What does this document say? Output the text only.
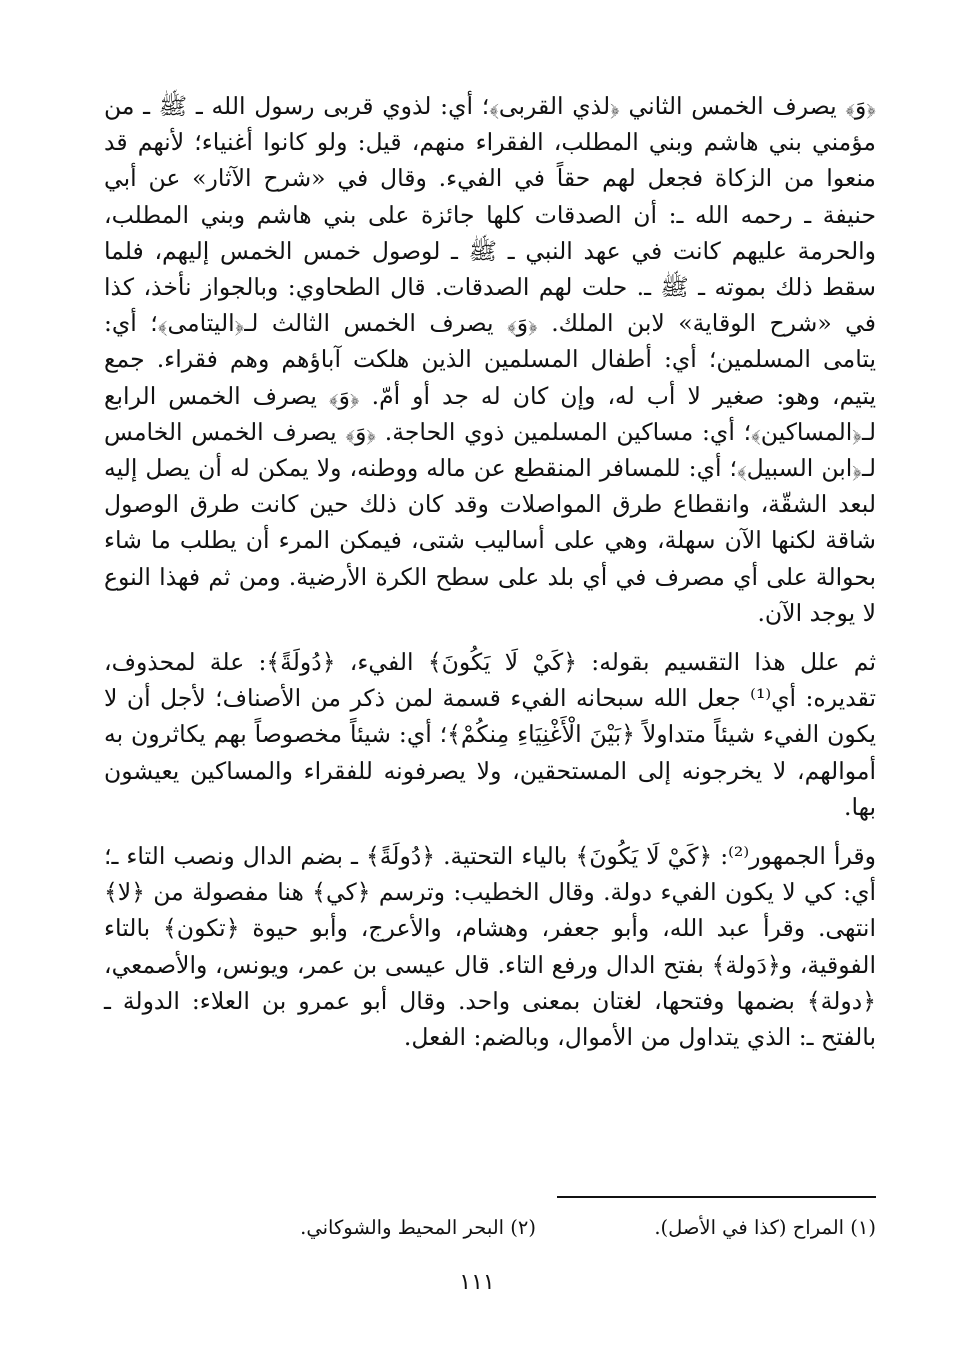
﴿وَ﴾ يصرف الخمس الثاني ﴿لذي القربى﴾؛ أي: لذوي قربى رسول الله ـ ﷺ ـ من مؤمني بني هاشم وبني المطلب، الفقراء منهم، قيل: ولو كانوا أغنياء؛ لأنهم قد منعوا من الزكاة فجعل لهم حقاً في الفيء. وقال في «شرح الآثار» عن أبي حنيفة ـ رحمه الله ـ: أن الصدقات كلها جائزة على بني هاشم وبني المطلب، والحرمة عليهم كانت في عهد النبي ـ ﷺ ـ لوصول خمس الخمس إليهم، فلما سقط ذلك بموته ـ ﷺ ـ. حلت لهم الصدقات. قال الطحاوي: وبالجواز نأخذ، كذا في «شرح الوقاية» لابن الملك. ﴿وَ﴾ يصرف الخمس الثالث لـ﴿اليتامى﴾؛ أي: يتامى المسلمين؛ أي: أطفال المسلمين الذين هلكت آباؤهم وهم فقراء. جمع يتيم، وهو: صغير لا أب له، وإن كان له جد أو أمّ. ﴿وَ﴾ يصرف الخمس الرابع لـ﴿المساكين﴾؛ أي: مساكين المسلمين ذوي الحاجة. ﴿وَ﴾ يصرف الخمس الخامس لـ﴿ابن السبيل﴾؛ أي: للمسافر المنقطع عن ماله ووطنه، ولا يمكن له أن يصل إليه لبعد الشقّة، وانقطاع طرق المواصلات وقد كان ذلك حين كانت طرق الوصول شاقة لكنها الآن سهلة، وهي على أساليب شتى، فيمكن المرء أن يطلب ما شاء بحوالة على أي مصرف في أي بلد على سطح الكرة الأرضية. ومن ثم فهذا النوع لا يوجد الآن.

ثم علل هذا التقسيم بقوله: ﴿كَيْ لَا يَكُونَ﴾ الفيء، ﴿دُولَةً﴾: علة لمحذوف، تقديره: أي⁽¹⁾ جعل الله سبحانه الفيء قسمة لمن ذكر من الأصناف؛ لأجل أن لا يكون الفيء شيئاً متداولاً ﴿بَيْنَ الْأَغْنِيَاءِ مِنكُمْ﴾؛ أي: شيئاً مخصوصاً بهم يكاثرون به أموالهم، لا يخرجونه إلى المستحقين، ولا يصرفونه للفقراء والمساكين يعيشون بها.

وقرأ الجمهور⁽²⁾: ﴿كَيْ لَا يَكُونَ﴾ بالياء التحتية. ﴿دُولَةً﴾ ـ بضم الدال ونصب التاء ـ؛ أي: كي لا يكون الفيء دولة. وقال الخطيب: وترسم ﴿كي﴾ هنا مفصولة من ﴿لا﴾ انتهى. وقرأ عبد الله، وأبو جعفر، وهشام، والأعرج، وأبو حيوة ﴿تكون﴾ بالتاء الفوقية، و﴿دَولة﴾ بفتح الدال ورفع التاء. قال عيسى بن عمر، ويونس، والأصمعي، ﴿دولة﴾ بضمها وفتحها، لغتان بمعنى واحد. وقال أبو عمرو بن العلاء: الدولة ـ بالفتح ـ: الذي يتداول من الأموال، وبالضم: الفعل.

(١) المراح (كذا في الأصل).
(٢) البحر المحيط والشوكاني.
١١١
